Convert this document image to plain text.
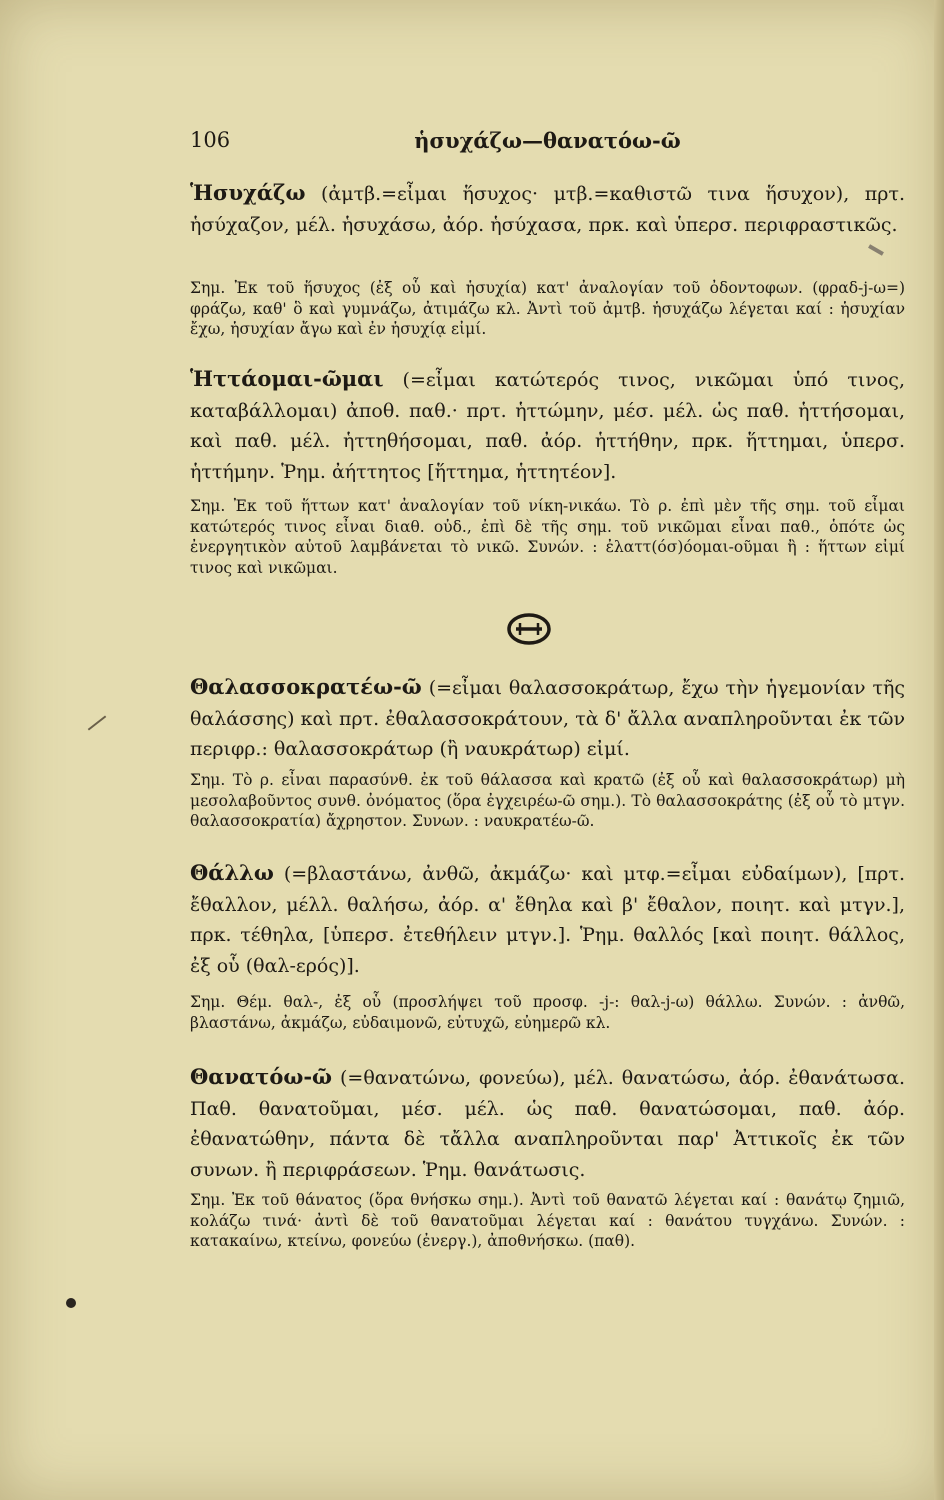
106	ἡσυχάζω—θανατόω-ῶ
Ἡσυχάζω (ἀμτβ.=εἶμαι ἥσυχος· μτβ.=καθιστῶ τινα ἥσυχον), πρτ. ἡσύχαζον, μέλ. ἡσυχάσω, ἀόρ. ἡσύχασα, πρκ. καὶ ὑπερσ. περιφραστικῶς.
Σημ. Ἐκ τοῦ ἥσυχος (ἐξ οὗ καὶ ἡσυχία) κατ' ἀναλογίαν τοῦ ὀδοντοφων. (φραδ-j-ω=) φράζω, καθ' ὃ καὶ γυμνάζω, ἀτιμάζω κλ. Ἀντὶ τοῦ ἀμτβ. ἡσυχάζω λέγεται καί : ἡσυχίαν ἔχω, ἡσυχίαν ἄγω καὶ ἐν ἡσυχίᾳ εἰμί.
Ἡττάομαι-ῶμαι (=εἶμαι κατώτερός τινος, νικῶμαι ὑπό τινος, καταβάλλομαι) ἀποθ. παθ.· πρτ. ἡττώμην, μέσ. μέλ. ὡς παθ. ἡττήσομαι, καὶ παθ. μέλ. ἡττηθήσομαι, παθ. ἀόρ. ἡττήθην, πρκ. ἥττημαι, ὑπερσ. ἡττήμην. Ῥημ. ἀήττητος [ἥττημα, ἡττητέον].
Σημ. Ἐκ τοῦ ἥττων κατ' ἀναλογίαν τοῦ νίκη-νικάω. Τὸ ρ. ἐπὶ μὲν τῆς σημ. τοῦ εἶμαι κατώτερός τινος εἶναι διαθ. οὐδ., ἐπὶ δὲ τῆς σημ. τοῦ νικῶμαι εἶναι παθ., ὁπότε ὡς ἐνεργητικὸν αὐτοῦ λαμβάνεται τὸ νικῶ. Συνών. : ἐλαττ(όσ)όομαι-οῦμαι ἢ : ἥττων εἰμί τινος καὶ νικῶμαι.
Θαλασσοκρατέω-ῶ (=εἶμαι θαλασσοκράτωρ, ἔχω τὴν ἡγεμονίαν τῆς θαλάσσης) καὶ πρτ. ἐθαλασσοκράτουν, τὰ δ' ἄλλα αναπληροῦνται ἐκ τῶν περιφρ.: θαλασσοκράτωρ (ἢ ναυκράτωρ) εἰμί.
Σημ. Τὸ ρ. εἶναι παρασύνθ. ἐκ τοῦ θάλασσα καὶ κρατῶ (ἐξ οὗ καὶ θαλασσοκράτωρ) μὴ μεσολαβοῦντος συνθ. ὀνόματος (ὅρα ἐγχειρέω-ῶ σημ.). Τὸ θαλασσοκράτης (ἐξ οὗ τὸ μτγν. θαλασσοκρατία) ἄχρηστον. Συνων. : ναυκρατέω-ῶ.
Θάλλω (=βλαστάνω, ἀνθῶ, ἀκμάζω· καὶ μτφ.=εἶμαι εὐδαίμων), [πρτ. ἔθαλλον, μέλλ. θαλήσω, ἀόρ. α' ἔθηλα καὶ β' ἔθαλον, ποιητ. καὶ μτγν.], πρκ. τέθηλα, [ὑπερσ. ἐτεθήλειν μτγν.]. Ῥημ. θαλλός [καὶ ποιητ. θάλλος, ἐξ οὗ (θαλ-ερός)].
Σημ. Θέμ. θαλ-, ἐξ οὗ (προσλήψει τοῦ προσφ. -j-: θαλ-j-ω) θάλλω. Συνών. : ἀνθῶ, βλαστάνω, ἀκμάζω, εὐδαιμονῶ, εὐτυχῶ, εὐημερῶ κλ.
Θανατόω-ῶ (=θανατώνω, φονεύω), μέλ. θανατώσω, ἀόρ. ἐθανάτωσα. Παθ. θανατοῦμαι, μέσ. μέλ. ὡς παθ. θανατώσομαι, παθ. ἀόρ. ἐθανατώθην, πάντα δὲ τἄλλα αναπληροῦνται παρ' Ἀττικοῖς ἐκ τῶν συνων. ἢ περιφράσεων. Ῥημ. θανάτωσις.
Σημ. Ἐκ τοῦ θάνατος (ὅρα θνήσκω σημ.). Ἀντὶ τοῦ θανατῶ λέγεται καί : θανάτῳ ζημιῶ, κολάζω τινά· ἀντὶ δὲ τοῦ θανατοῦμαι λέγεται καί : θανάτου τυγχάνω. Συνών. : κατακαίνω, κτείνω, φονεύω (ἐνεργ.), ἀποθνήσκω. (παθ).
